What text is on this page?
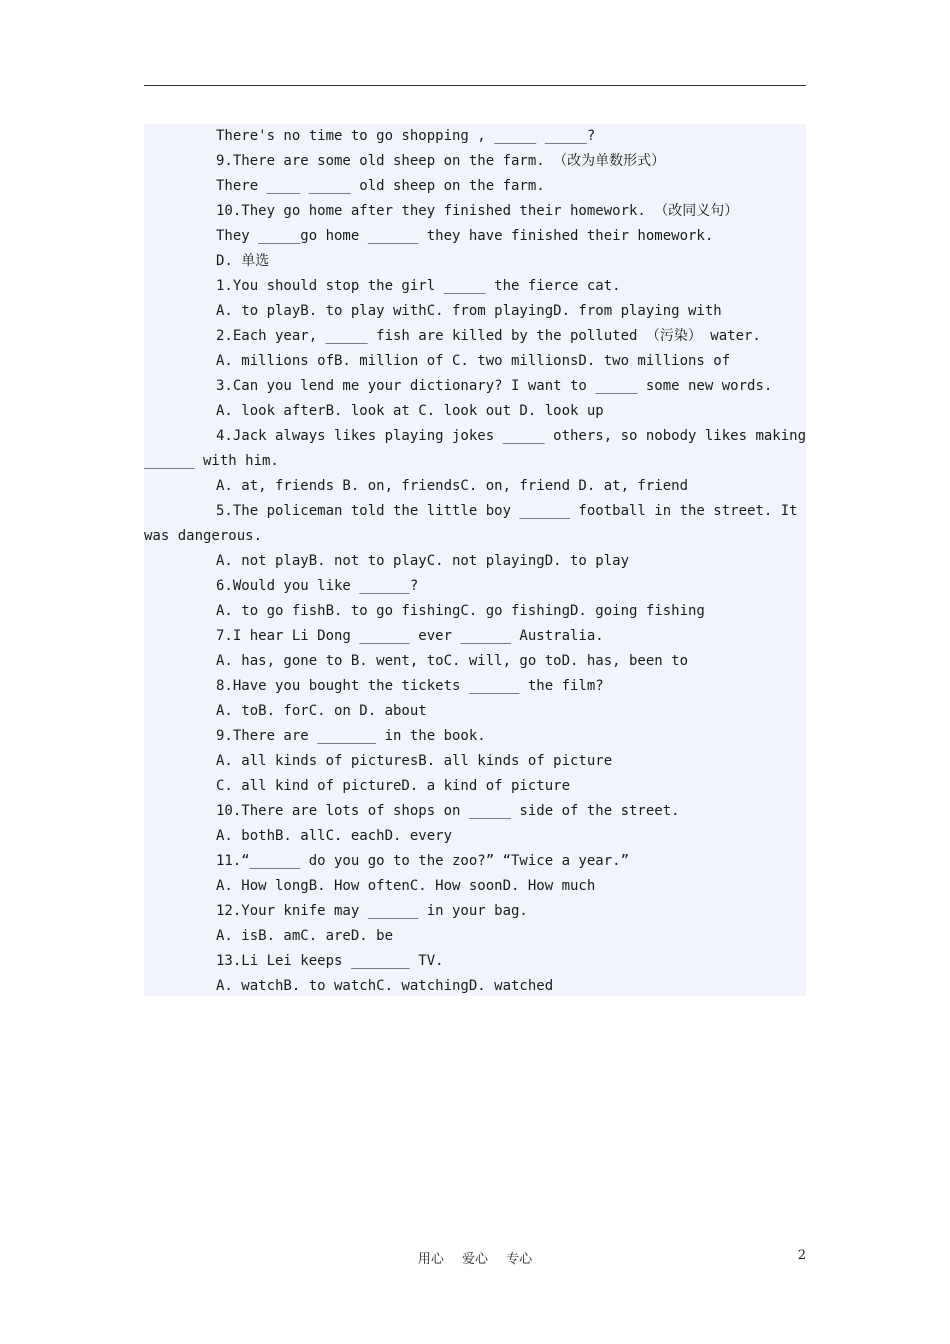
There's no time to go shopping , _____ _____?
9.There are some old sheep on the farm. （改为单数形式）
There ____ _____ old sheep on the farm.
10.They go home after they finished their homework. （改同义句）
They _____go home ______ they have finished their homework.
D. 单选
1.You should stop the girl _____ the fierce cat.
A. to playB. to play withC. from playingD. from playing with
2.Each year, _____ fish are killed by the polluted （污染） water.
A. millions ofB. million of C. two millionsD. two millions of
3.Can you lend me your dictionary? I want to _____ some new words.
A. look afterB. look at C. look out D. look up
4.Jack always likes playing jokes _____ others, so nobody likes making
______ with him.
A. at, friends B. on, friendsC. on, friend D. at, friend
5.The policeman told the little boy ______ football in the street. It
was dangerous.
A. not playB. not to playC. not playingD. to play
6.Would you like ______?
A. to go fishB. to go fishingC. go fishingD. going fishing
7.I hear Li Dong ______ ever ______ Australia.
A. has, gone to B. went, toC. will, go toD. has, been to
8.Have you bought the tickets ______ the film?
A. toB. forC. on D. about
9.There are _______ in the book.
A. all kinds of picturesB. all kinds of picture
C. all kind of pictureD. a kind of picture
10.There are lots of shops on _____ side of the street.
A. bothB. allC. eachD. every
11.“______ do you go to the zoo?” “Twice a year.”
A. How longB. How oftenC. How soonD. How much
12.Your knife may ______ in your bag.
A. isB. amC. areD. be
13.Li Lei keeps _______ TV.
A. watchB. to watchC. watchingD. watched
用心 爱心 专心	2
